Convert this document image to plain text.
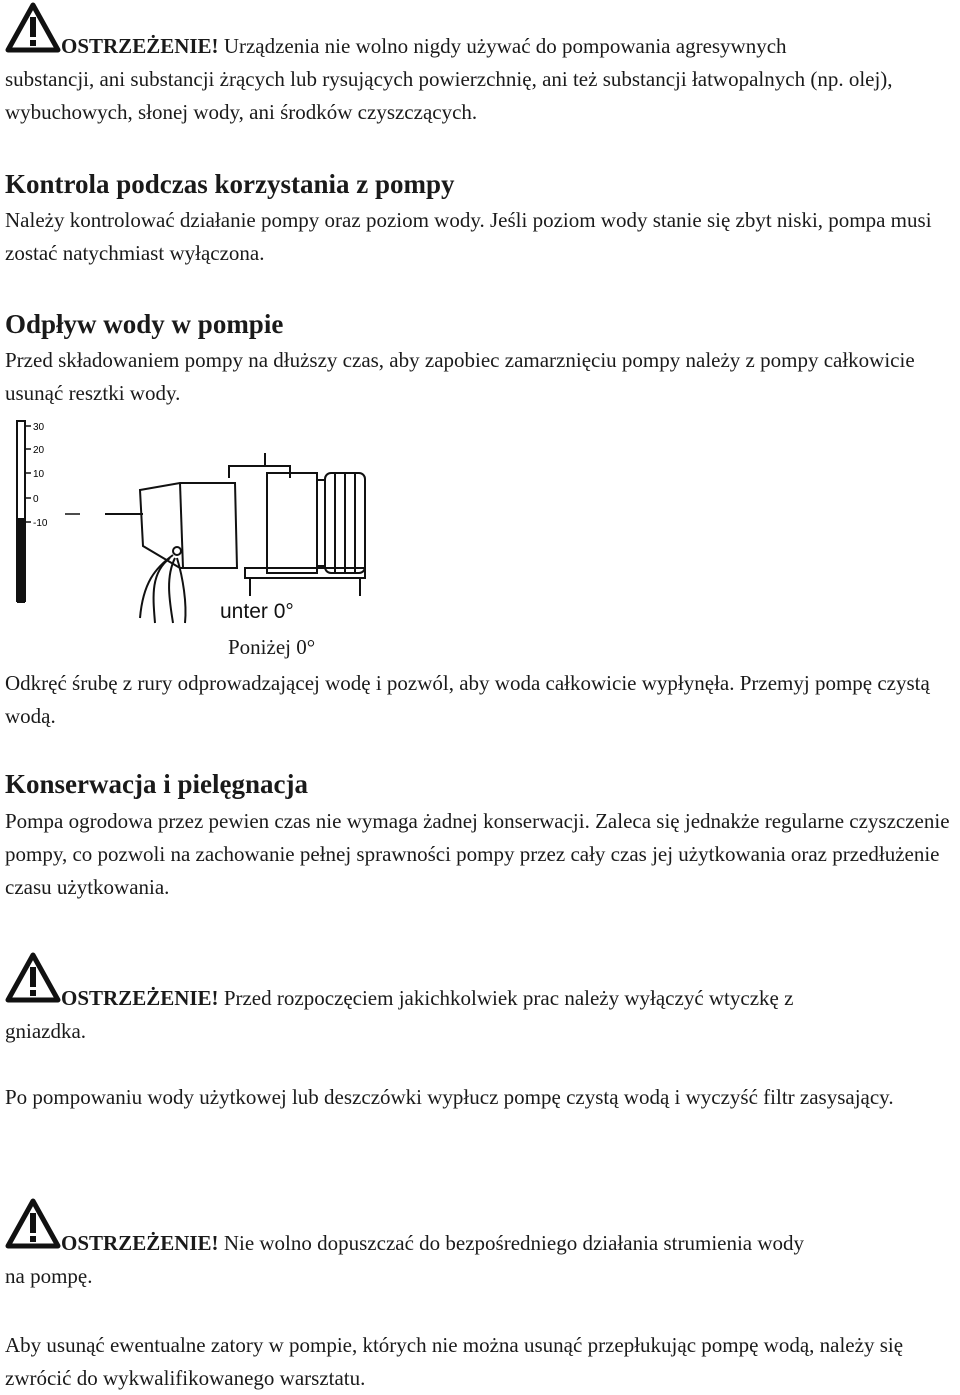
OSTRZEŻENIE! Urządzenia nie wolno nigdy używać do pompowania agresywnych
substancji, ani substancji żrących lub rysujących powierzchnię, ani też substancji łatwopalnych (np. olej), wybuchowych, słonej wody, ani środków czyszczących.
Kontrola podczas korzystania z pompy
Należy kontrolować działanie pompy oraz poziom wody. Jeśli poziom wody stanie się zbyt niski, pompa musi zostać natychmiast wyłączona.
Odpływ wody w pompie
Przed składowaniem pompy na dłuższy czas, aby zapobiec zamarznięciu pompy należy z pompy całkowicie usunąć resztki wody.
30
20
10
0
-10
unter 0°
Poniżej 0°
Odkręć śrubę z rury odprowadzającej wodę i pozwól, aby woda całkowicie wypłynęła. Przemyj pompę czystą wodą.
Konserwacja i pielęgnacja
Pompa ogrodowa przez pewien czas nie wymaga żadnej konserwacji. Zaleca się jednakże regularne czyszczenie pompy, co pozwoli na zachowanie pełnej sprawności pompy przez cały czas jej użytkowania oraz przedłużenie czasu użytkowania.
OSTRZEŻENIE! Przed rozpoczęciem jakichkolwiek prac należy wyłączyć wtyczkę z
gniazdka.
Po pompowaniu wody użytkowej lub deszczówki wypłucz pompę czystą wodą i wyczyść filtr zasysający.
OSTRZEŻENIE! Nie wolno dopuszczać do bezpośredniego działania strumienia wody
na pompę.
Aby usunąć ewentualne zatory w pompie, których nie można usunąć przepłukując pompę wodą, należy się zwrócić do wykwalifikowanego warsztatu.
